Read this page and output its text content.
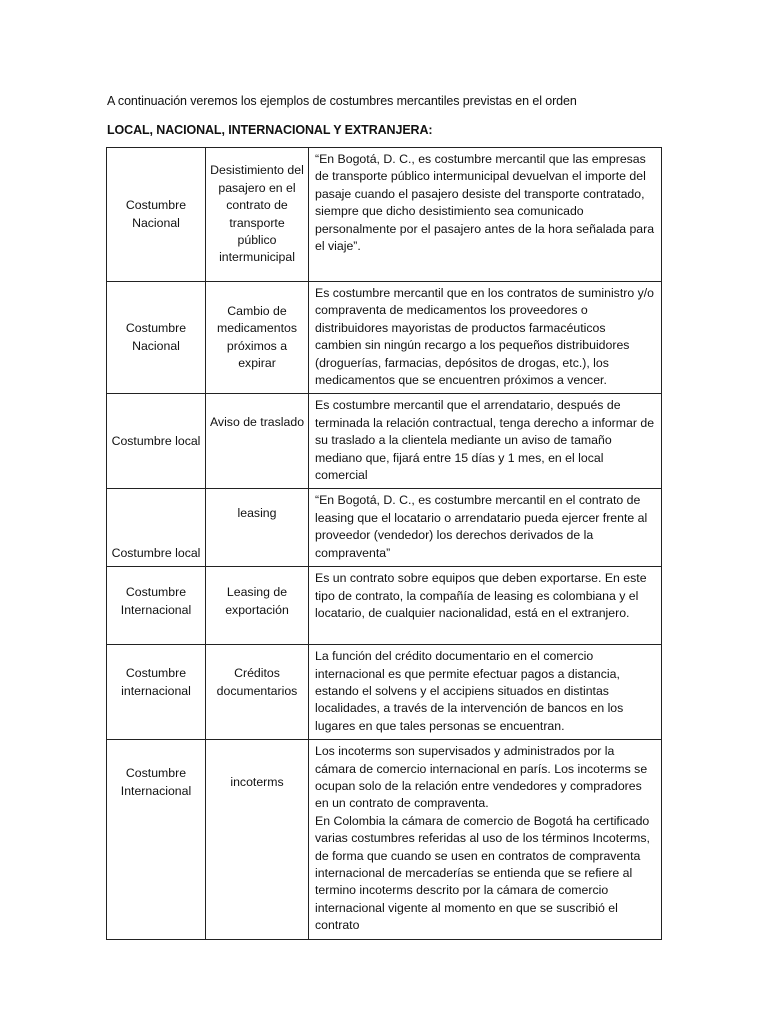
A continuación veremos los ejemplos de costumbres mercantiles previstas en el orden
LOCAL, NACIONAL, INTERNACIONAL Y EXTRANJERA:
Costumbre Nacional	Desistimiento del pasajero en el contrato de transporte público intermunicipal	“En Bogotá, D. C., es costumbre mercantil que las empresas de transporte público intermunicipal devuelvan el importe del pasaje cuando el pasajero desiste del transporte contratado, siempre que dicho desistimiento sea comunicado personalmente por el pasajero antes de la hora señalada para el viaje”.

Costumbre Nacional	Cambio de medicamentos próximos a expirar	Es costumbre mercantil que en los contratos de suministro y/o compraventa de medicamentos los proveedores o distribuidores mayoristas de productos farmacéuticos cambien sin ningún recargo a los pequeños distribuidores (droguerías, farmacias, depósitos de drogas, etc.), los medicamentos que se encuentren próximos a vencer.

Costumbre local	Aviso de traslado	Es costumbre mercantil que el arrendatario, después de terminada la relación contractual, tenga derecho a informar de su traslado a la clientela mediante un aviso de tamaño mediano que, fijará entre 15 días y 1 mes, en el local comercial

Costumbre local	leasing	“En Bogotá, D. C., es costumbre mercantil en el contrato de leasing que el locatario o arrendatario pueda ejercer frente al proveedor (vendedor) los derechos derivados de la compraventa”

Costumbre Internacional	Leasing de exportación	Es un contrato sobre equipos que deben exportarse. En este tipo de contrato, la compañía de leasing es colombiana y el locatario, de cualquier nacionalidad, está en el extranjero.

Costumbre internacional	Créditos documentarios	La función del crédito documentario en el comercio internacional es que permite efectuar pagos a distancia, estando el solvens y el accipiens situados en distintas localidades, a través de la intervención de bancos en los lugares en que tales personas se encuentran.

Costumbre Internacional	incoterms	Los incoterms son supervisados y administrados por la cámara de comercio internacional en parís. Los incoterms se ocupan solo de la relación entre vendedores y compradores en un contrato de compraventa.
En Colombia la cámara de comercio de Bogotá ha certificado varias costumbres referidas al uso de los términos Incoterms, de forma que cuando se usen en contratos de compraventa internacional de mercaderías se entienda que se refiere al termino incoterms descrito por la cámara de comercio internacional vigente al momento en que se suscribió el contrato
